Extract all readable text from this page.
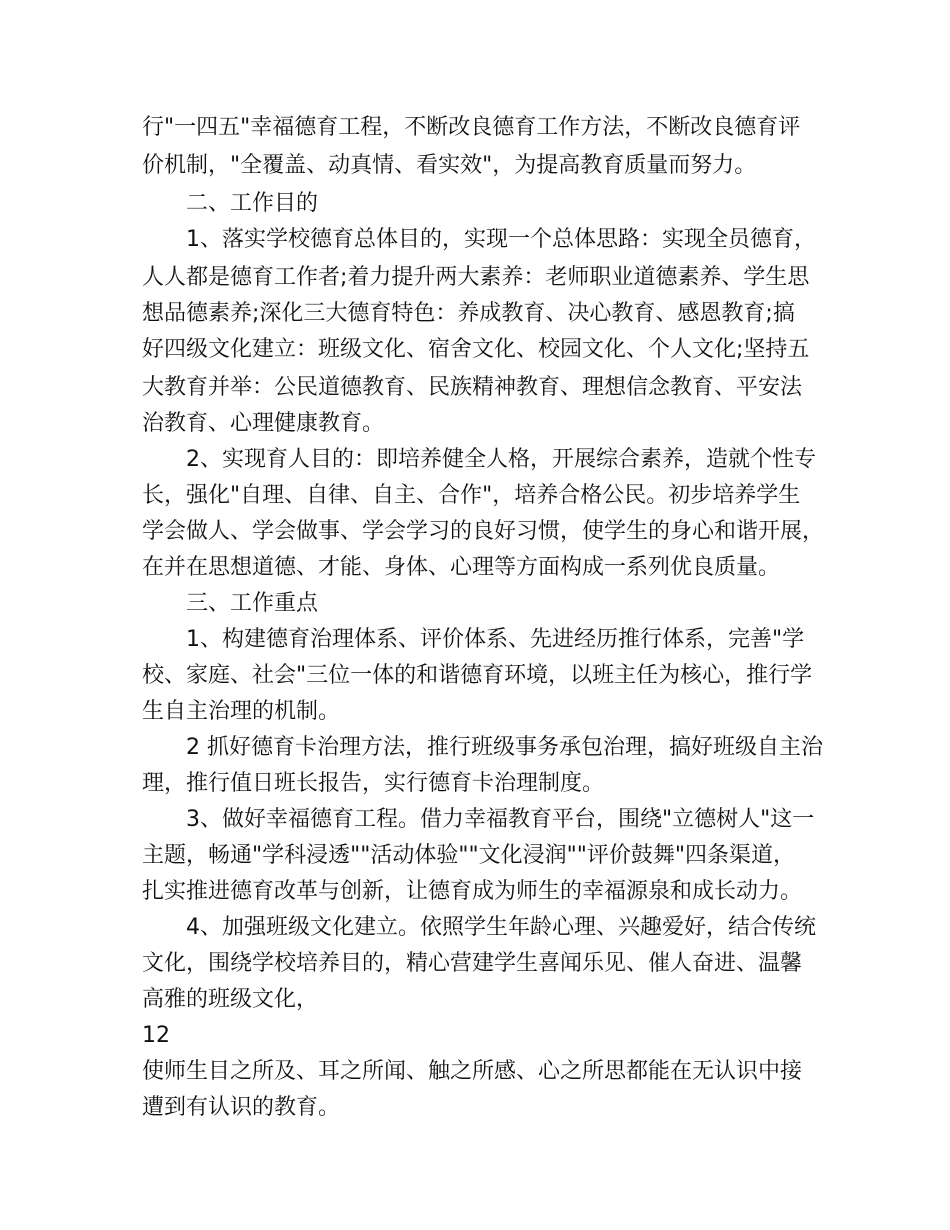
行"一四五"幸福德育工程，不断改良德育工作方法，不断改良德育评
价机制，"全覆盖、动真情、看实效"，为提高教育质量而努力。
二、工作目的
1、落实学校德育总体目的，实现一个总体思路：实现全员德育，
人人都是德育工作者;着力提升两大素养：老师职业道德素养、学生思
想品德素养;深化三大德育特色：养成教育、决心教育、感恩教育;搞
好四级文化建立：班级文化、宿舍文化、校园文化、个人文化;坚持五
大教育并举：公民道德教育、民族精神教育、理想信念教育、平安法
治教育、心理健康教育。
2、实现育人目的：即培养健全人格，开展综合素养，造就个性专
长，强化"自理、自律、自主、合作"，培养合格公民。初步培养学生
学会做人、学会做事、学会学习的良好习惯，使学生的身心和谐开展，
在并在思想道德、才能、身体、心理等方面构成一系列优良质量。
三、工作重点
1、构建德育治理体系、评价体系、先进经历推行体系，完善"学
校、家庭、社会"三位一体的和谐德育环境，以班主任为核心，推行学
生自主治理的机制。
2 抓好德育卡治理方法，推行班级事务承包治理，搞好班级自主治
理，推行值日班长报告，实行德育卡治理制度。
3、做好幸福德育工程。借力幸福教育平台，围绕"立德树人"这一
主题，畅通"学科浸透""活动体验""文化浸润""评价鼓舞"四条渠道，
扎实推进德育改革与创新，让德育成为师生的幸福源泉和成长动力。
4、加强班级文化建立。依照学生年龄心理、兴趣爱好，结合传统
文化，围绕学校培养目的，精心营建学生喜闻乐见、催人奋进、温馨
高雅的班级文化，
12
使师生目之所及、耳之所闻、触之所感、心之所思都能在无认识中接
遭到有认识的教育。
